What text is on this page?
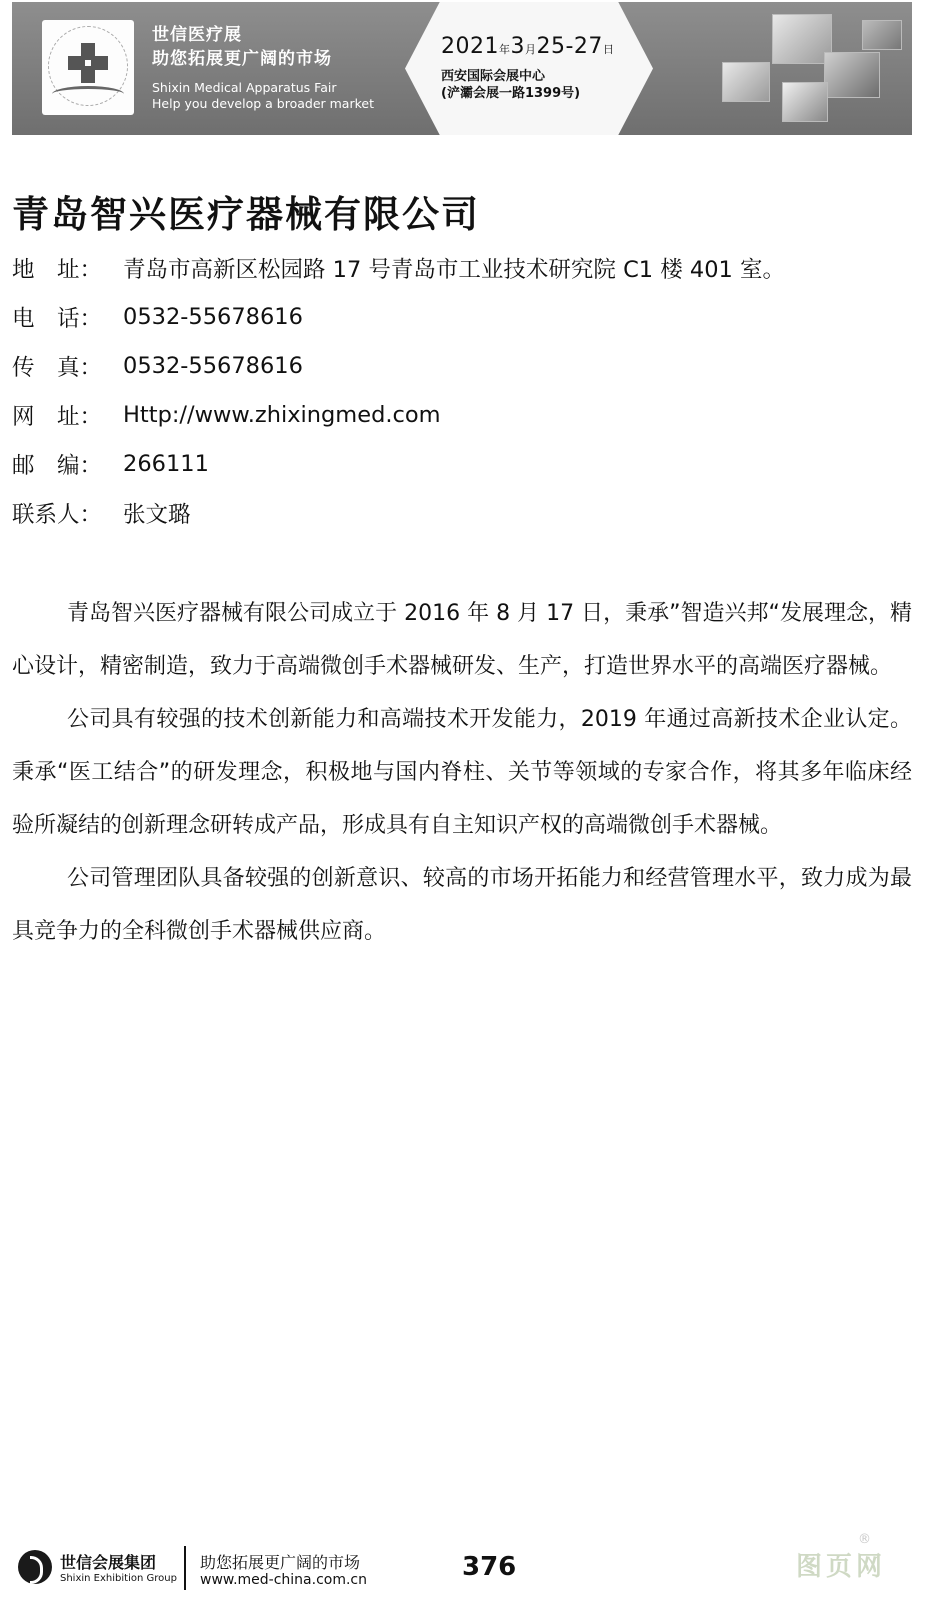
世信医疗展
助您拓展更广阔的市场
Shixin Medical Apparatus Fair
Help you develop a broader market
2021年3月25-27日
西安国际会展中心
(浐灞会展一路1399号)
青岛智兴医疗器械有限公司
地　址： 青岛市高新区松园路 17 号青岛市工业技术研究院 C1 楼 401 室。
电　话： 0532-55678616
传　真： 0532-55678616
网　址： Http://www.zhixingmed.com
邮　编： 266111
联系人： 张文璐

青岛智兴医疗器械有限公司成立于 2016 年 8 月 17 日，秉承”智造兴邦“发展理念，精心设计，精密制造，致力于高端微创手术器械研发、生产，打造世界水平的高端医疗器械。

公司具有较强的技术创新能力和高端技术开发能力，2019 年通过高新技术企业认定。秉承“医工结合”的研发理念，积极地与国内脊柱、关节等领域的专家合作，将其多年临床经验所凝结的创新理念研转成产品，形成具有自主知识产权的高端微创手术器械。

公司管理团队具备较强的创新意识、较高的市场开拓能力和经营管理水平，致力成为最具竞争力的全科微创手术器械供应商。

世信会展集团
Shixin Exhibition Group
助您拓展更广阔的市场
www.med-china.com.cn	376
®
图页网
